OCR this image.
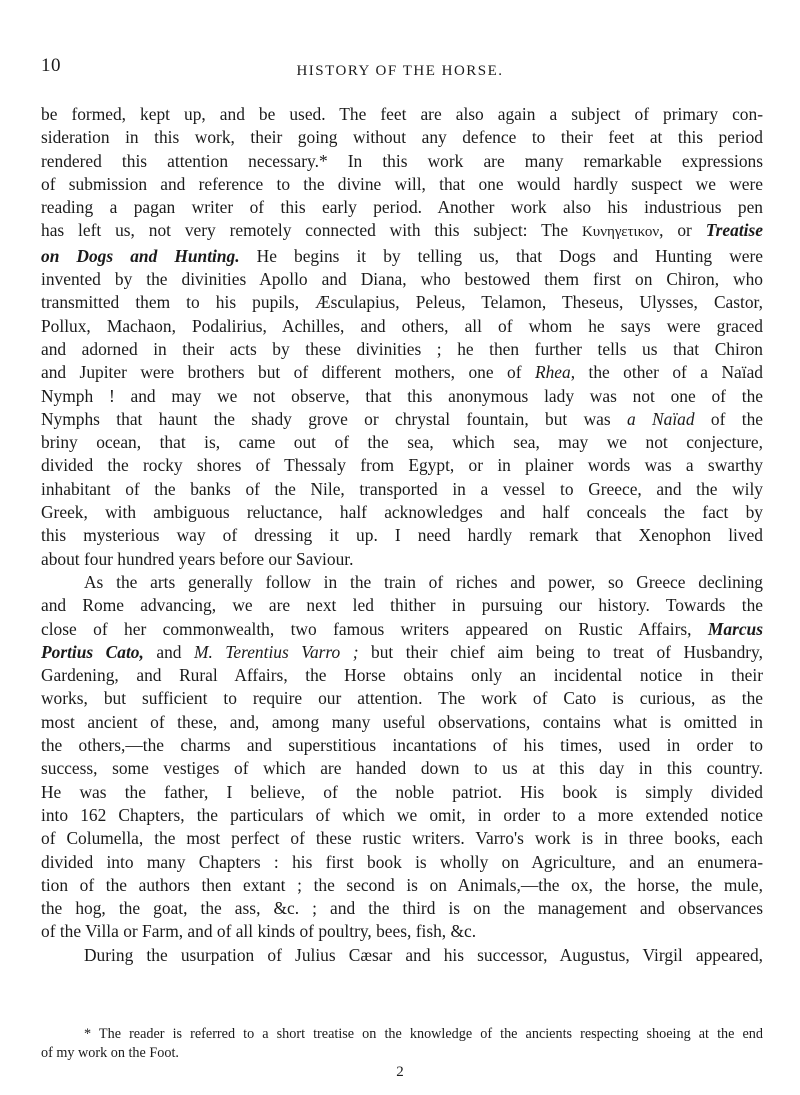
10	HISTORY OF THE HORSE.

be formed, kept up, and be used. The feet are also again a subject of primary con-
sideration in this work, their going without any defence to their feet at this period
rendered this attention necessary.* In this work are many remarkable expressions
of submission and reference to the divine will, that one would hardly suspect we were
reading a pagan writer of this early period. Another work also his industrious pen
has left us, not very remotely connected with this subject: The Κυνηγετικον, or Treatise
on Dogs and Hunting. He begins it by telling us, that Dogs and Hunting were
invented by the divinities Apollo and Diana, who bestowed them first on Chiron, who
transmitted them to his pupils, Æsculapius, Peleus, Telamon, Theseus, Ulysses, Castor,
Pollux, Machaon, Podalirius, Achilles, and others, all of whom he says were graced
and adorned in their acts by these divinities ; he then further tells us that Chiron
and Jupiter were brothers but of different mothers, one of Rhea, the other of a Naïad
Nymph ! and may we not observe, that this anonymous lady was not one of the
Nymphs that haunt the shady grove or chrystal fountain, but was a Naïad of the
briny ocean, that is, came out of the sea, which sea, may we not conjecture,
divided the rocky shores of Thessaly from Egypt, or in plainer words was a swarthy
inhabitant of the banks of the Nile, transported in a vessel to Greece, and the wily
Greek, with ambiguous reluctance, half acknowledges and half conceals the fact by
this mysterious way of dressing it up. I need hardly remark that Xenophon lived
about four hundred years before our Saviour.

As the arts generally follow in the train of riches and power, so Greece declining
and Rome advancing, we are next led thither in pursuing our history. Towards the
close of her commonwealth, two famous writers appeared on Rustic Affairs, Marcus
Portius Cato, and M. Terentius Varro ; but their chief aim being to treat of Husbandry,
Gardening, and Rural Affairs, the Horse obtains only an incidental notice in their
works, but sufficient to require our attention. The work of Cato is curious, as the
most ancient of these, and, among many useful observations, contains what is omitted in
the others,—the charms and superstitious incantations of his times, used in order to
success, some vestiges of which are handed down to us at this day in this country.
He was the father, I believe, of the noble patriot. His book is simply divided
into 162 Chapters, the particulars of which we omit, in order to a more extended notice
of Columella, the most perfect of these rustic writers. Varro's work is in three books, each
divided into many Chapters : his first book is wholly on Agriculture, and an enumera-
tion of the authors then extant ; the second is on Animals,—the ox, the horse, the mule,
the hog, the goat, the ass, &c. ; and the third is on the management and observances
of the Villa or Farm, and of all kinds of poultry, bees, fish, &c.

During the usurpation of Julius Cæsar and his successor, Augustus, Virgil appeared,

* The reader is referred to a short treatise on the knowledge of the ancients respecting shoeing at the end
of my work on the Foot.
2
